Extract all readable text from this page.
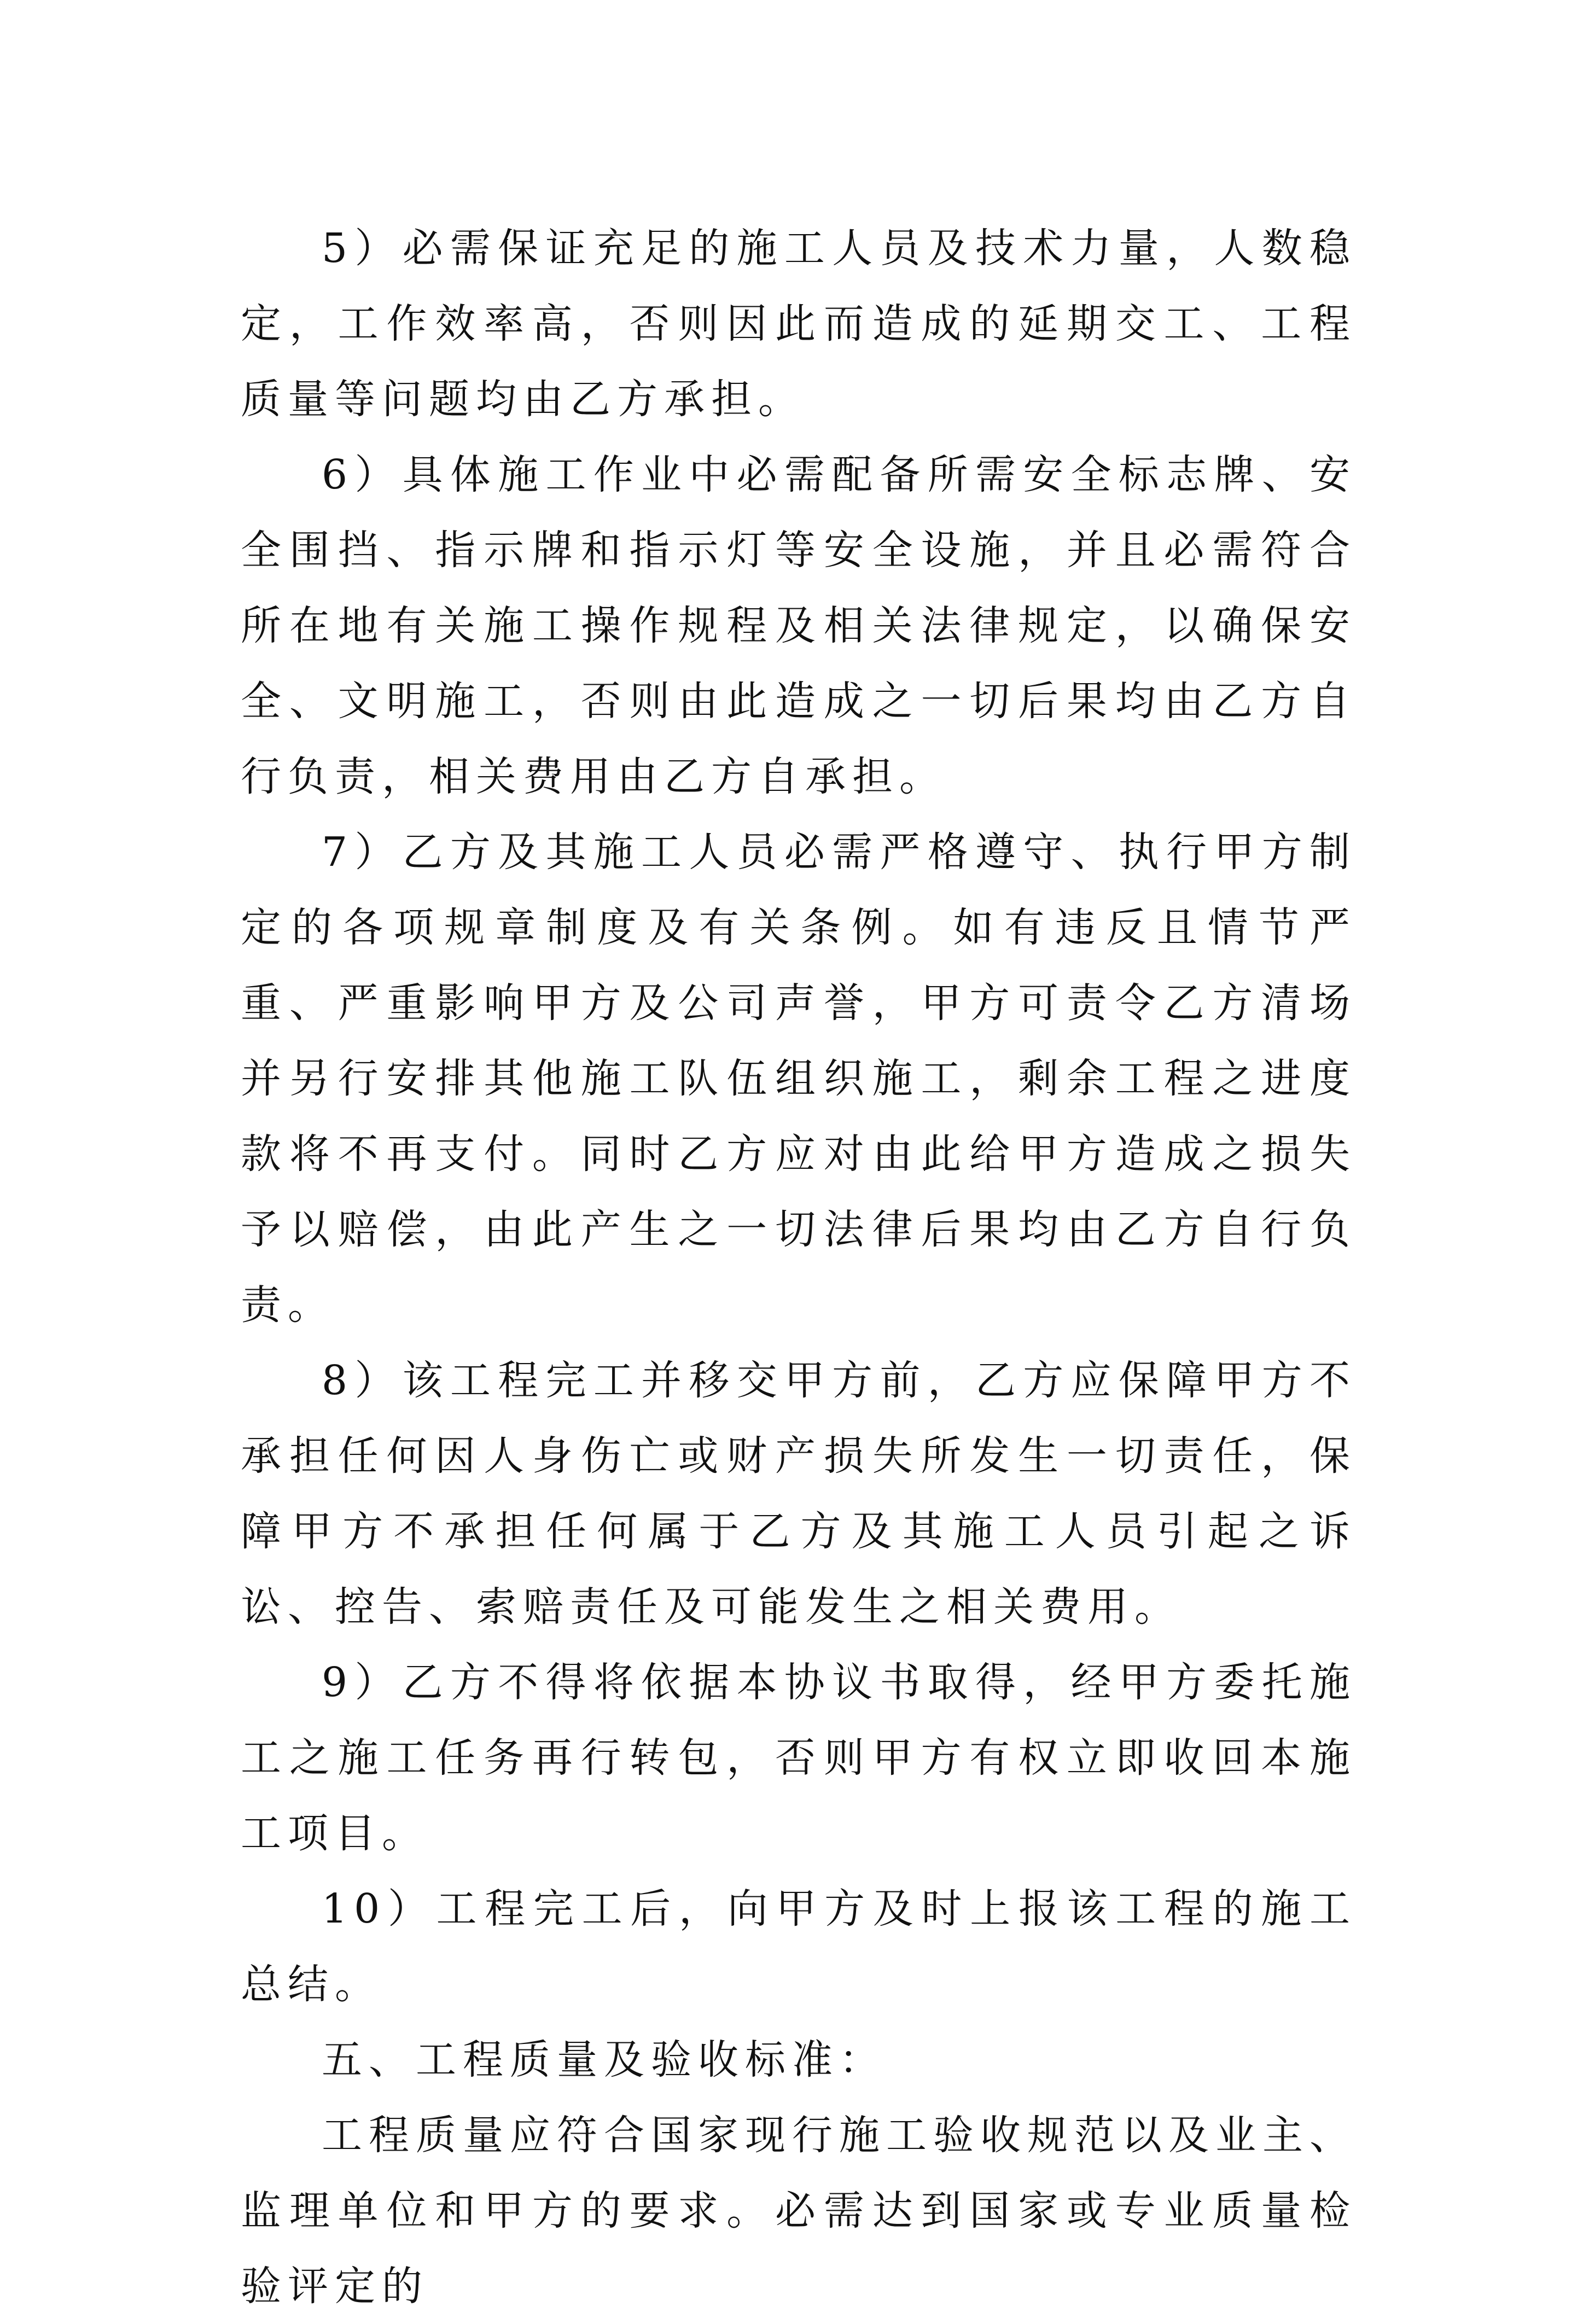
5）必需保证充足的施工人员及技术力量，人数稳定，工作效率高，否则因此而造成的延期交工、工程质量等问题均由乙方承担。

6）具体施工作业中必需配备所需安全标志牌、安全围挡、指示牌和指示灯等安全设施，并且必需符合所在地有关施工操作规程及相关法律规定，以确保安全、文明施工，否则由此造成之一切后果均由乙方自行负责，相关费用由乙方自承担。

7）乙方及其施工人员必需严格遵守、执行甲方制定的各项规章制度及有关条例。如有违反且情节严重、严重影响甲方及公司声誉，甲方可责令乙方清场并另行安排其他施工队伍组织施工，剩余工程之进度款将不再支付。同时乙方应对由此给甲方造成之损失予以赔偿，由此产生之一切法律后果均由乙方自行负责。

8）该工程完工并移交甲方前，乙方应保障甲方不承担任何因人身伤亡或财产损失所发生一切责任，保障甲方不承担任何属于乙方及其施工人员引起之诉讼、控告、索赔责任及可能发生之相关费用。

9）乙方不得将依据本协议书取得，经甲方委托施工之施工任务再行转包，否则甲方有权立即收回本施工项目。

10）工程完工后，向甲方及时上报该工程的施工总结。

五、工程质量及验收标准：

工程质量应符合国家现行施工验收规范以及业主、监理单位和甲方的要求。必需达到国家或专业质量检验评定的
